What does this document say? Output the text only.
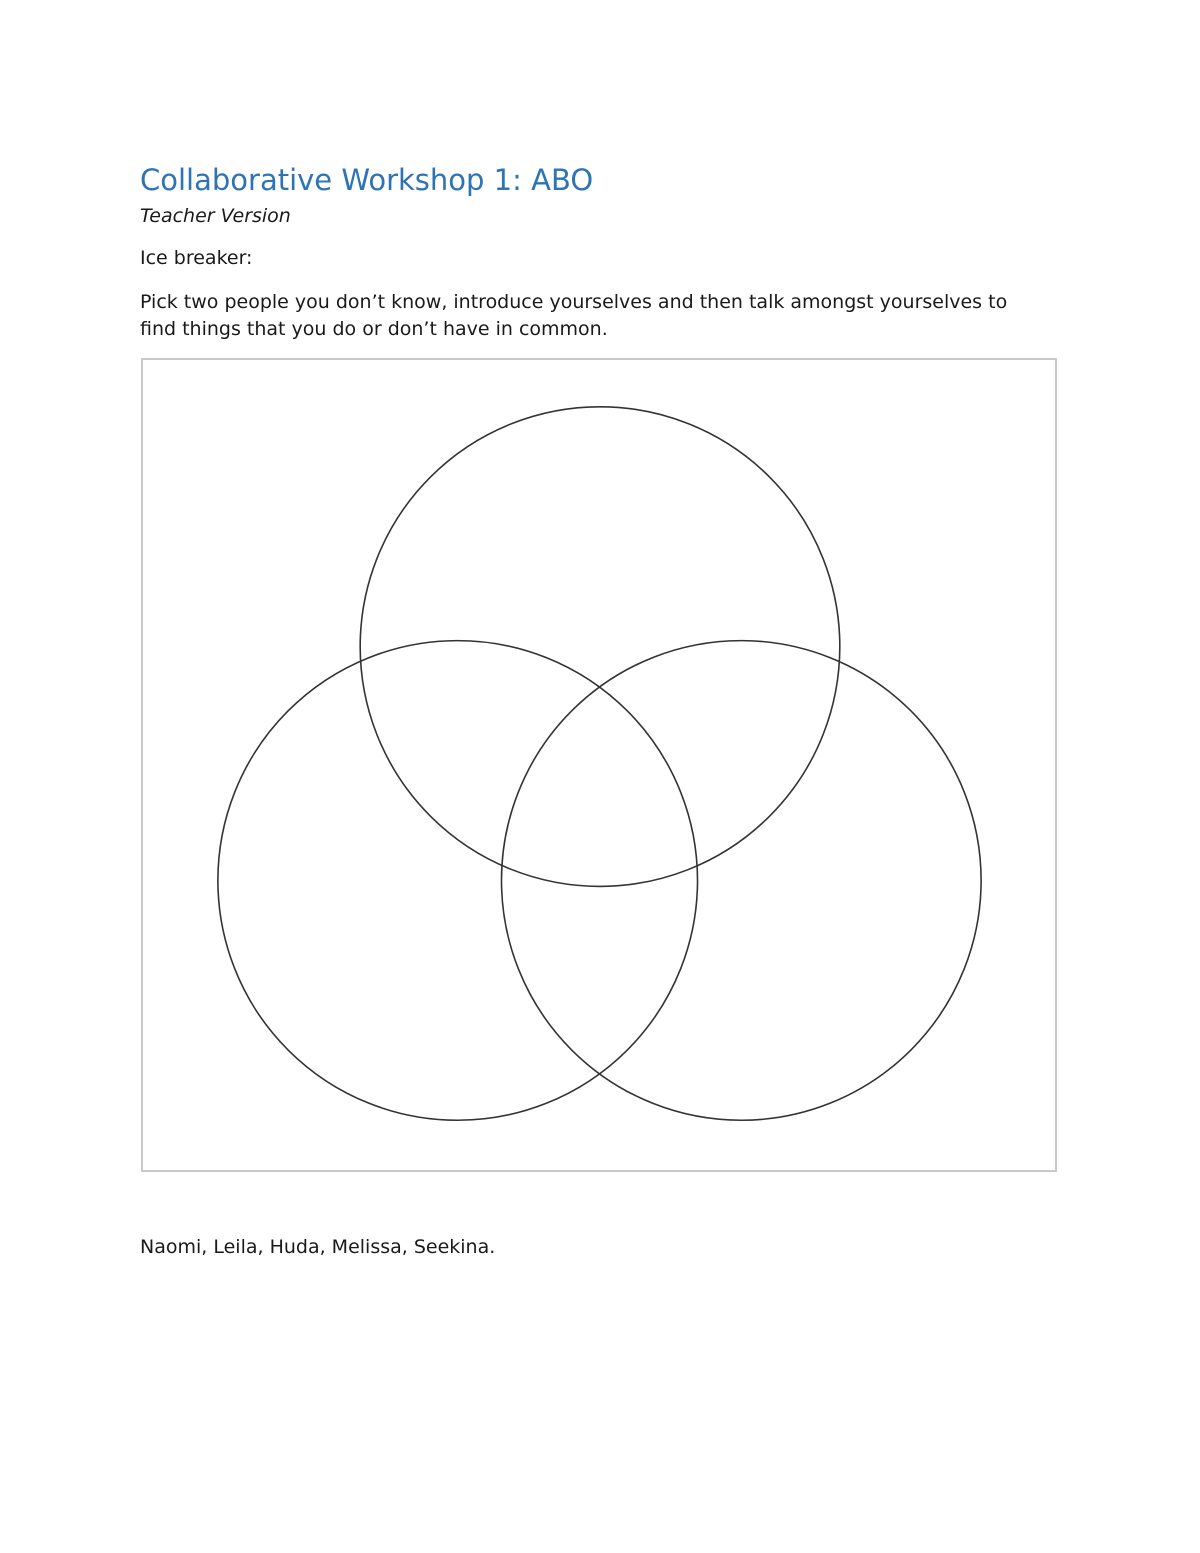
Collaborative Workshop 1: ABO

Teacher Version

Ice breaker:

Pick two people you don’t know, introduce yourselves and then talk amongst yourselves to find things that you do or don’t have in common.

Naomi, Leila, Huda, Melissa, Seekina.
